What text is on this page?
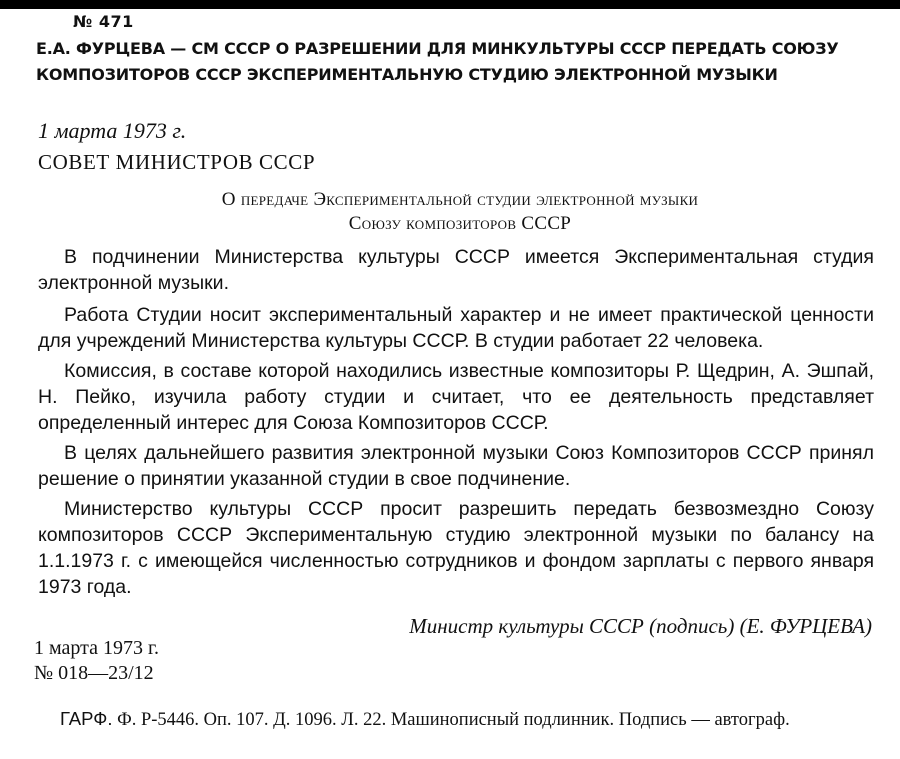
№ 471
Е.А. ФУРЦЕВА — СМ СССР О РАЗРЕШЕНИИ ДЛЯ МИНКУЛЬТУРЫ СССР ПЕРЕДАТЬ СОЮЗУ КОМПОЗИТОРОВ СССР ЭКСПЕРИМЕНТАЛЬНУЮ СТУДИЮ ЭЛЕКТРОННОЙ МУЗЫКИ
1 марта 1973 г.
СОВЕТ МИНИСТРОВ СССР
О передаче Экспериментальной студии электронной музыки
Союзу композиторов СССР

В подчинении Министерства культуры СССР имеется Экспериментальная студия электронной музыки.

Работа Студии носит экспериментальный характер и не имеет практической ценности для учреждений Министерства культуры СССР. В студии работает 22 человека.

Комиссия, в составе которой находились известные композиторы Р. Щедрин, А. Эшпай, Н. Пейко, изучила работу студии и считает, что ее деятельность представляет определенный интерес для Союза Композиторов СССР.

В целях дальнейшего развития электронной музыки Союз Композиторов СССР принял решение о принятии указанной студии в свое подчинение.

Министерство культуры СССР просит разрешить передать безвозмездно Союзу композиторов СССР Экспериментальную студию электронной музыки по балансу на 1.1.1973 г. с имеющейся численностью сотрудников и фондом зарплаты с первого января 1973 года.

Министр культуры СССР (подпись) (Е. ФУРЦЕВА)
1 марта 1973 г.
№ 018—23/12
ГАРФ. Ф. Р-5446. Оп. 107. Д. 1096. Л. 22. Машинописный подлинник. Подпись — автограф.
